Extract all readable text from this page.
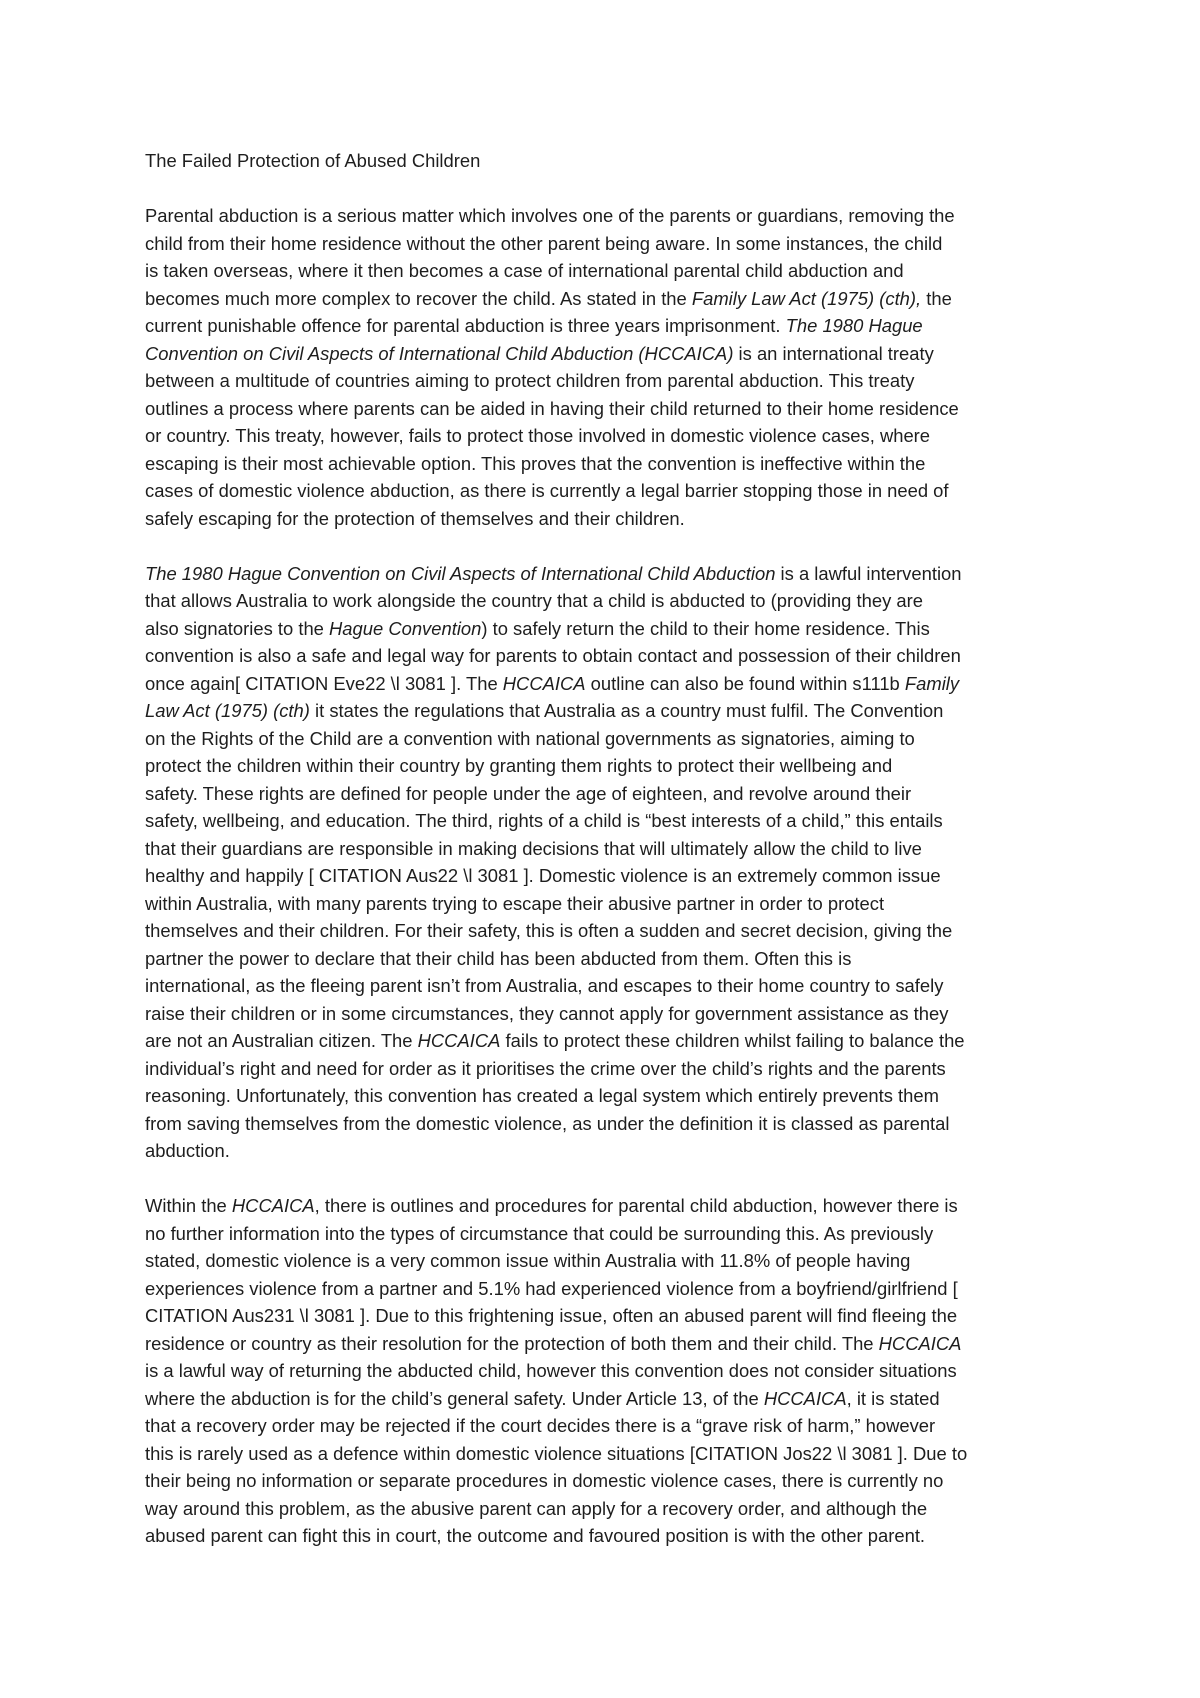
The Failed Protection of Abused Children

Parental abduction is a serious matter which involves one of the parents or guardians, removing the
child from their home residence without the other parent being aware. In some instances, the child
is taken overseas, where it then becomes a case of international parental child abduction and
becomes much more complex to recover the child. As stated in the Family Law Act (1975) (cth), the
current punishable offence for parental abduction is three years imprisonment. The 1980 Hague
Convention on Civil Aspects of International Child Abduction (HCCAICA) is an international treaty
between a multitude of countries aiming to protect children from parental abduction. This treaty
outlines a process where parents can be aided in having their child returned to their home residence
or country. This treaty, however, fails to protect those involved in domestic violence cases, where
escaping is their most achievable option. This proves that the convention is ineffective within the
cases of domestic violence abduction, as there is currently a legal barrier stopping those in need of
safely escaping for the protection of themselves and their children.

The 1980 Hague Convention on Civil Aspects of International Child Abduction is a lawful intervention
that allows Australia to work alongside the country that a child is abducted to (providing they are
also signatories to the Hague Convention) to safely return the child to their home residence. This
convention is also a safe and legal way for parents to obtain contact and possession of their children
once again[ CITATION Eve22 \l 3081 ]. The HCCAICA outline can also be found within s111b Family
Law Act (1975) (cth) it states the regulations that Australia as a country must fulfil. The Convention
on the Rights of the Child are a convention with national governments as signatories, aiming to
protect the children within their country by granting them rights to protect their wellbeing and
safety. These rights are defined for people under the age of eighteen, and revolve around their
safety, wellbeing, and education. The third, rights of a child is “best interests of a child,” this entails
that their guardians are responsible in making decisions that will ultimately allow the child to live
healthy and happily [ CITATION Aus22 \l 3081 ]. Domestic violence is an extremely common issue
within Australia, with many parents trying to escape their abusive partner in order to protect
themselves and their children. For their safety, this is often a sudden and secret decision, giving the
partner the power to declare that their child has been abducted from them. Often this is
international, as the fleeing parent isn’t from Australia, and escapes to their home country to safely
raise their children or in some circumstances, they cannot apply for government assistance as they
are not an Australian citizen. The HCCAICA fails to protect these children whilst failing to balance the
individual’s right and need for order as it prioritises the crime over the child’s rights and the parents
reasoning. Unfortunately, this convention has created a legal system which entirely prevents them
from saving themselves from the domestic violence, as under the definition it is classed as parental
abduction.

Within the HCCAICA, there is outlines and procedures for parental child abduction, however there is
no further information into the types of circumstance that could be surrounding this. As previously
stated, domestic violence is a very common issue within Australia with 11.8% of people having
experiences violence from a partner and 5.1% had experienced violence from a boyfriend/girlfriend [
CITATION Aus231 \l 3081 ]. Due to this frightening issue, often an abused parent will find fleeing the
residence or country as their resolution for the protection of both them and their child. The HCCAICA
is a lawful way of returning the abducted child, however this convention does not consider situations
where the abduction is for the child’s general safety. Under Article 13, of the HCCAICA, it is stated
that a recovery order may be rejected if the court decides there is a “grave risk of harm,” however
this is rarely used as a defence within domestic violence situations [CITATION Jos22 \l 3081 ]. Due to
their being no information or separate procedures in domestic violence cases, there is currently no
way around this problem, as the abusive parent can apply for a recovery order, and although the
abused parent can fight this in court, the outcome and favoured position is with the other parent.
